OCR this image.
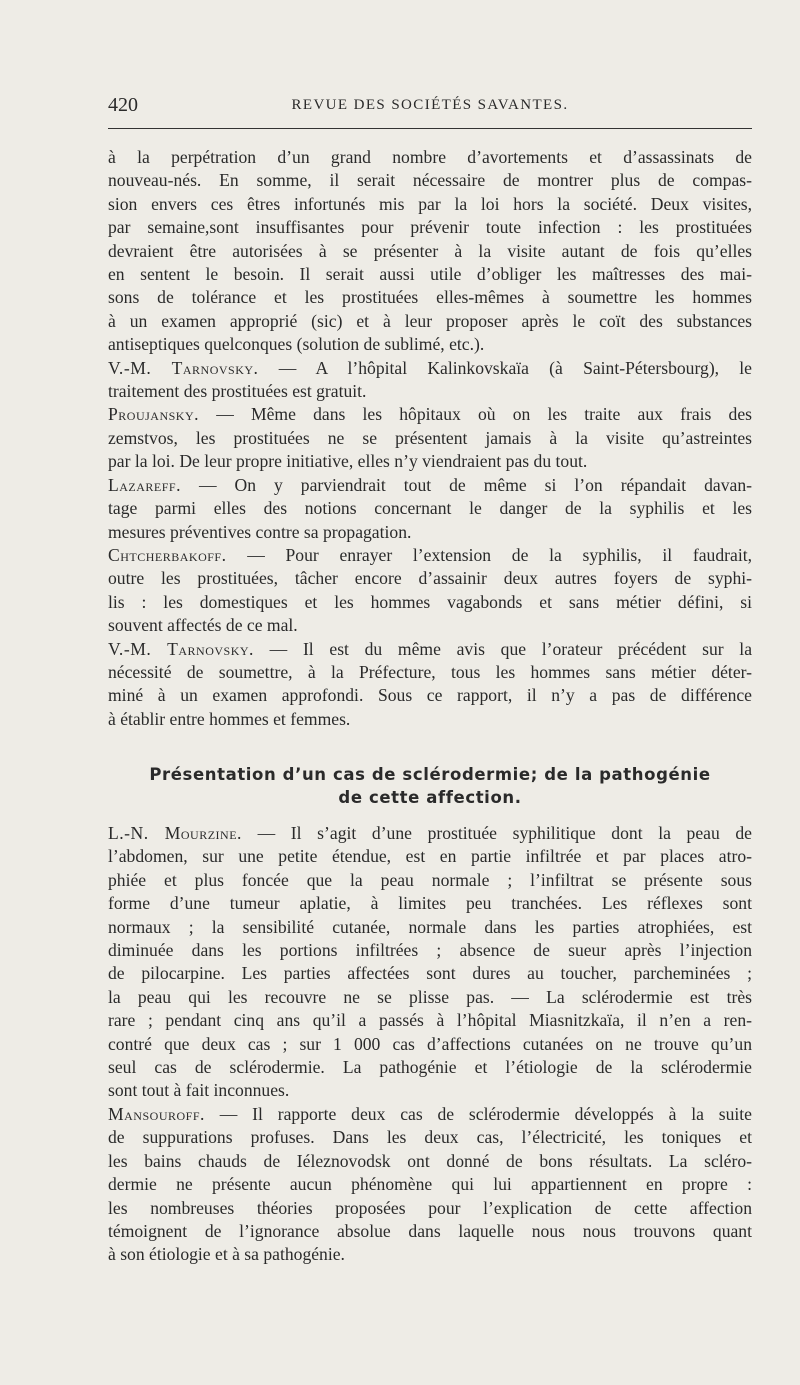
420	REVUE DES SOCIÉTÉS SAVANTES.
à la perpétration d’un grand nombre d’avortements et d’assassinats de
nouveau-nés. En somme, il serait nécessaire de montrer plus de compas-
sion envers ces êtres infortunés mis par la loi hors la société. Deux visites,
par semaine,sont insuffisantes pour prévenir toute infection : les prostituées
devraient être autorisées à se présenter à la visite autant de fois qu’elles
en sentent le besoin. Il serait aussi utile d’obliger les maîtresses des mai-
sons de tolérance et les prostituées elles-mêmes à soumettre les hommes
à un examen approprié (sic) et à leur proposer après le coït des substances
antiseptiques quelconques (solution de sublimé, etc.).
V.-M. Tarnovsky. — A l’hôpital Kalinkovskaïa (à Saint-Pétersbourg), le
traitement des prostituées est gratuit.
Proujansky. — Même dans les hôpitaux où on les traite aux frais des
zemstvos, les prostituées ne se présentent jamais à la visite qu’astreintes
par la loi. De leur propre initiative, elles n’y viendraient pas du tout.
Lazareff. — On y parviendrait tout de même si l’on répandait davan-
tage parmi elles des notions concernant le danger de la syphilis et les
mesures préventives contre sa propagation.
Chtcherbakoff. — Pour enrayer l’extension de la syphilis, il faudrait,
outre les prostituées, tâcher encore d’assainir deux autres foyers de syphi-
lis : les domestiques et les hommes vagabonds et sans métier défini, si
souvent affectés de ce mal.
V.-M. Tarnovsky. — Il est du même avis que l’orateur précédent sur la
nécessité de soumettre, à la Préfecture, tous les hommes sans métier déter-
miné à un examen approfondi. Sous ce rapport, il n’y a pas de différence
à établir entre hommes et femmes.
Présentation d’un cas de sclérodermie; de la pathogénie
de cette affection.
L.-N. Mourzine. — Il s’agit d’une prostituée syphilitique dont la peau de
l’abdomen, sur une petite étendue, est en partie infiltrée et par places atro-
phiée et plus foncée que la peau normale ; l’infiltrat se présente sous
forme d’une tumeur aplatie, à limites peu tranchées. Les réflexes sont
normaux ; la sensibilité cutanée, normale dans les parties atrophiées, est
diminuée dans les portions infiltrées ; absence de sueur après l’injection
de pilocarpine. Les parties affectées sont dures au toucher, parcheminées ;
la peau qui les recouvre ne se plisse pas. — La sclérodermie est très
rare ; pendant cinq ans qu’il a passés à l’hôpital Miasnitzkaïa, il n’en a ren-
contré que deux cas ; sur 1 000 cas d’affections cutanées on ne trouve qu’un
seul cas de sclérodermie. La pathogénie et l’étiologie de la sclérodermie
sont tout à fait inconnues.
Mansouroff. — Il rapporte deux cas de sclérodermie développés à la suite
de suppurations profuses. Dans les deux cas, l’électricité, les toniques et
les bains chauds de Iéleznovodsk ont donné de bons résultats. La scléro-
dermie ne présente aucun phénomène qui lui appartiennent en propre :
les nombreuses théories proposées pour l’explication de cette affection
témoignent de l’ignorance absolue dans laquelle nous nous trouvons quant
à son étiologie et à sa pathogénie.
